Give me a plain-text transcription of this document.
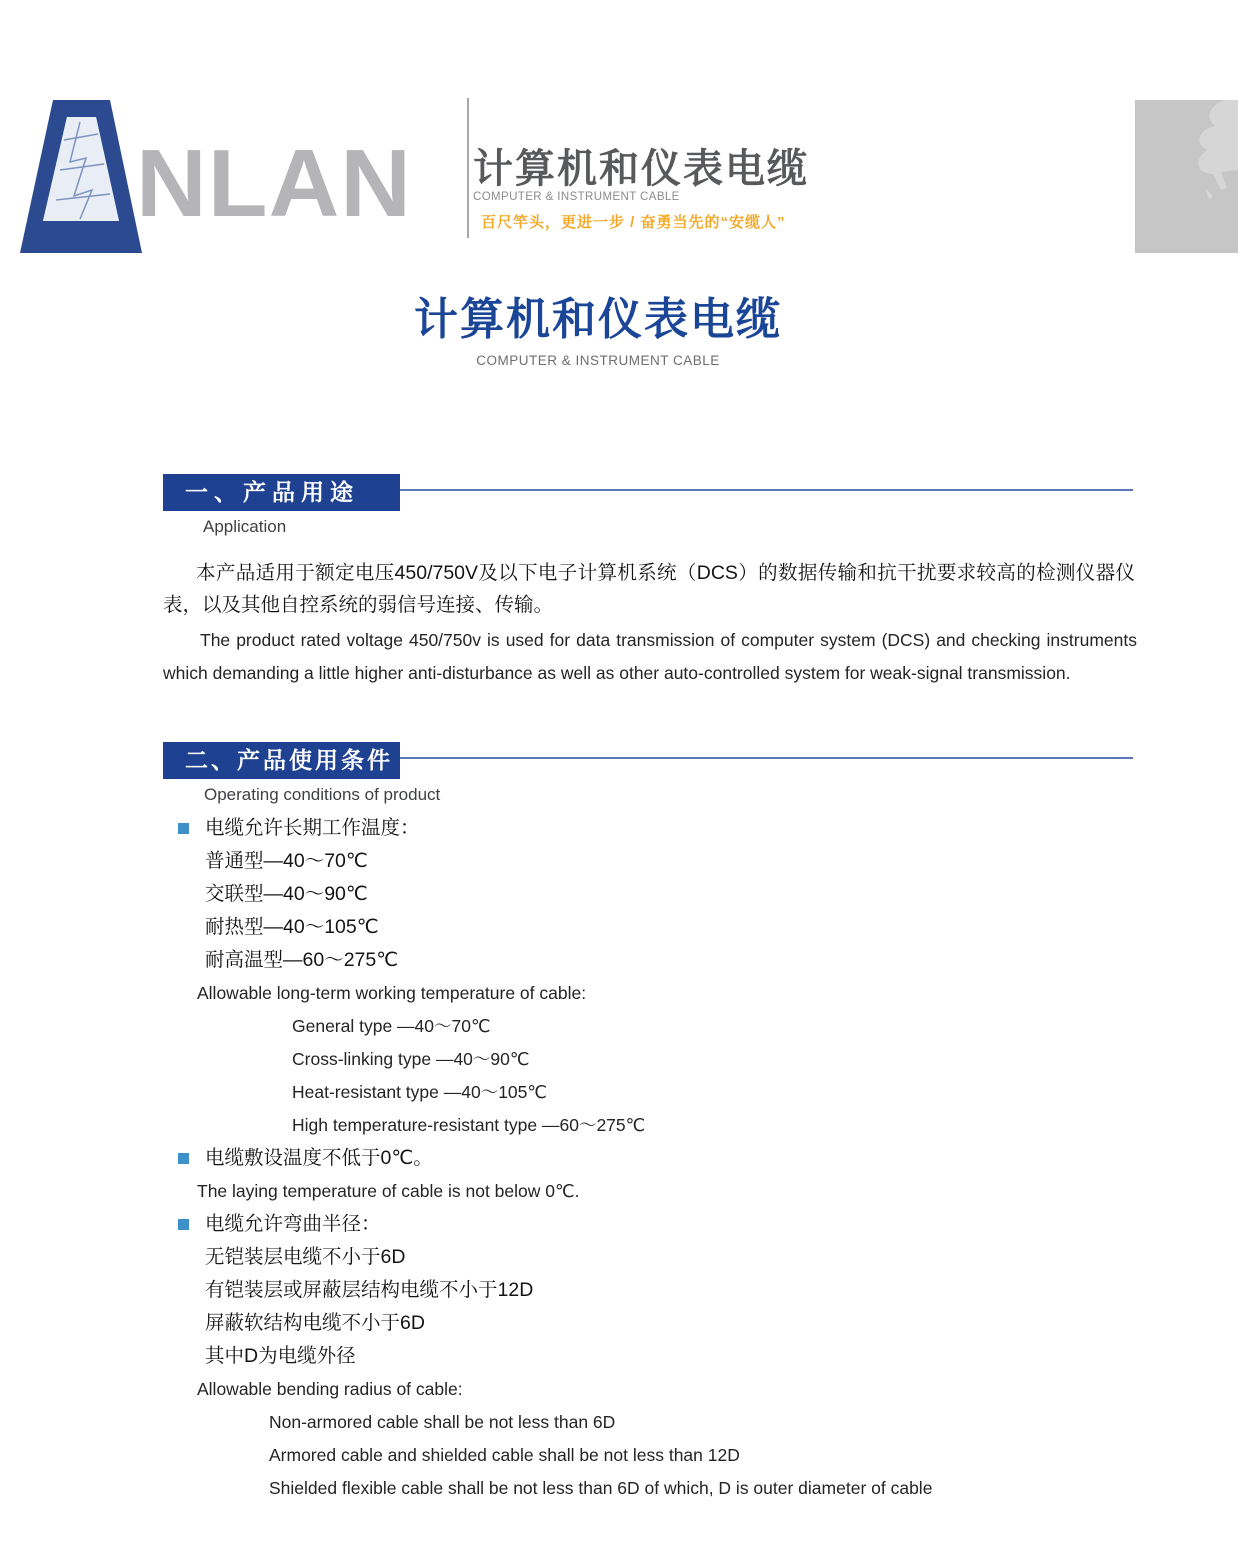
NLAN 计算机和仪表电缆
COMPUTER & INSTRUMENT CABLE
百尺竿头，更进一步 / 奋勇当先的“安缆人”
计算机和仪表电缆
COMPUTER & INSTRUMENT CABLE
一、产品用途
Application

本产品适用于额定电压450/750V及以下电子计算机系统（DCS）的数据传输和抗干扰要求较高的检测仪器仪表，以及其他自控系统的弱信号连接、传输。

The product rated voltage 450/750v is used for data transmission of computer system (DCS) and checking instruments which demanding a little higher anti-disturbance as well as other auto-controlled system for weak-signal transmission.

二、产品使用条件
Operating conditions of product
电缆允许长期工作温度：
普通型—40～70℃
交联型—40～90℃
耐热型—40～105℃
耐高温型—60～275℃
Allowable long-term working temperature of cable:
General type —40～70℃
Cross-linking type —40～90℃
Heat-resistant type —40～105℃
High temperature-resistant type —60～275℃
电缆敷设温度不低于0℃。
The laying temperature of cable is not below 0℃.
电缆允许弯曲半径：
无铠装层电缆不小于6D
有铠装层或屏蔽层结构电缆不小于12D
屏蔽软结构电缆不小于6D
其中D为电缆外径
Allowable bending radius of cable:
Non-armored cable shall be not less than 6D
Armored cable and shielded cable shall be not less than 12D
Shielded flexible cable shall be not less than 6D of which, D is outer diameter of cable
